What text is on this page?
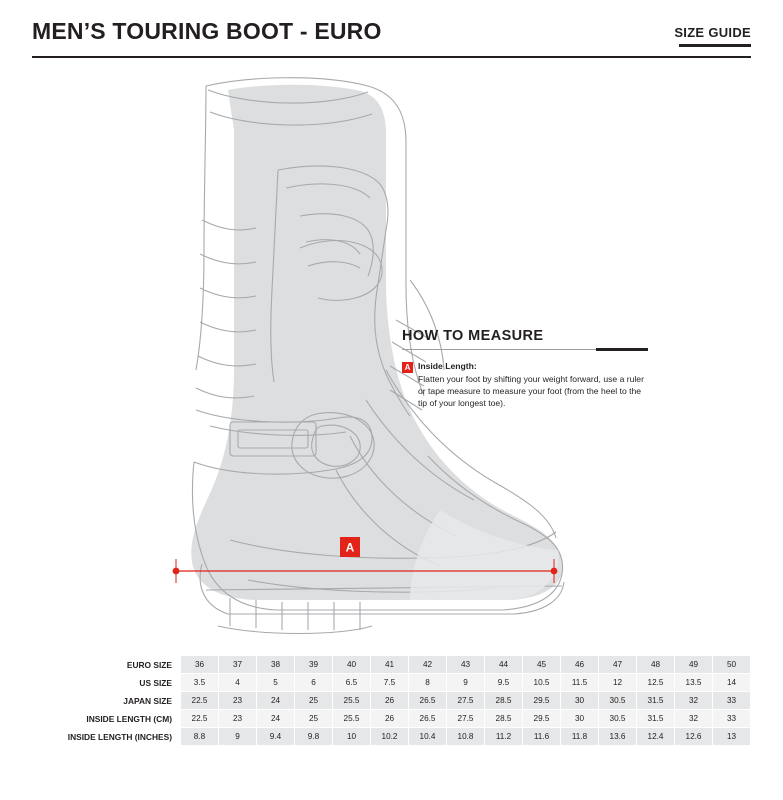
MEN’S TOURING BOOT - EURO	SIZE GUIDE
A
HOW TO MEASURE
A Inside Length:
Flatten your foot by shifting your weight forward, use a ruler or tape measure to measure your foot (from the heel to the tip of your longest toe).
EURO SIZE	36	37	38	39	40	41	42	43	44	45	46	47	48	49	50
US SIZE	3.5	4	5	6	6.5	7.5	8	9	9.5	10.5	11.5	12	12.5	13.5	14
JAPAN SIZE	22.5	23	24	25	25.5	26	26.5	27.5	28.5	29.5	30	30.5	31.5	32	33
INSIDE LENGTH (CM)	22.5	23	24	25	25.5	26	26.5	27.5	28.5	29.5	30	30.5	31.5	32	33
INSIDE LENGTH (INCHES)	8.8	9	9.4	9.8	10	10.2	10.4	10.8	11.2	11.6	11.8	13.6	12.4	12.6	13
